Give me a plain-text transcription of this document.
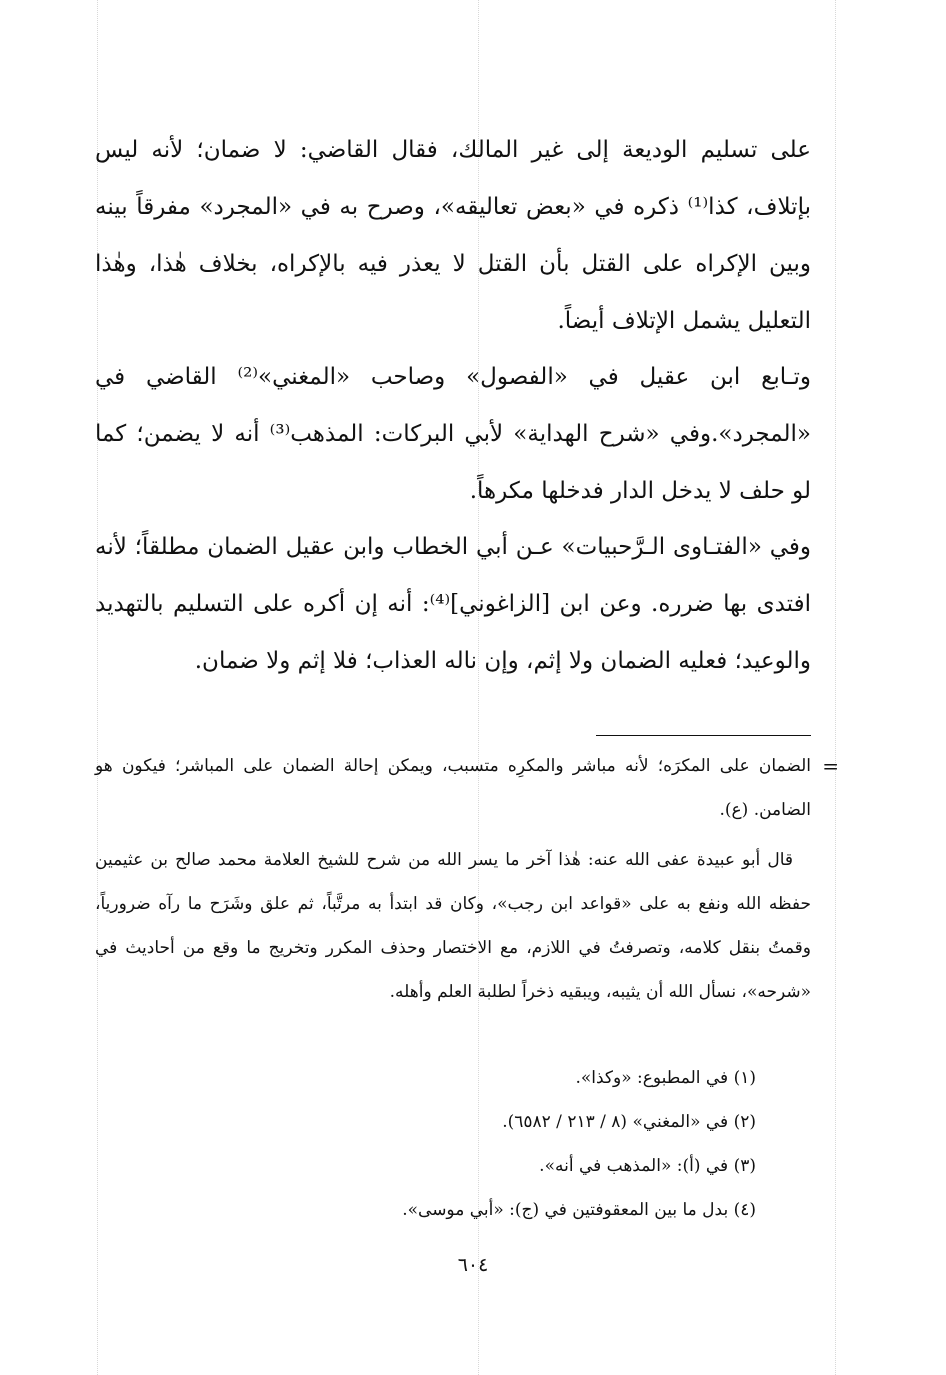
على تسليم الوديعة إلى غير المالك، فقال القاضي: لا ضمان؛ لأنه ليس بإتلاف، كذا⁽¹⁾ ذكره في «بعض تعاليقه»، وصرح به في «المجرد» مفرقاً بينه وبين الإكراه على القتل بأن القتل لا يعذر فيه بالإكراه، بخلاف هٰذا، وهٰذا التعليل يشمل الإتلاف أيضاً.

وتـابع ابن عقيل في «الفصول» وصاحب «المغني»⁽²⁾ القاضي في «المجرد».وفي «شرح الهداية» لأبي البركات: المذهب⁽³⁾ أنه لا يضمن؛ كما لو حلف لا يدخل الدار فدخلها مكرهاً.

وفي «الفتـاوى الـرَّحبيات» عـن أبي الخطاب وابن عقيل الضمان مطلقاً؛ لأنه افتدى بها ضرره. وعن ابن [الزاغوني]⁽⁴⁾: أنه إن أكره على التسليم بالتهديد والوعيد؛ فعليه الضمان ولا إثم، وإن ناله العذاب؛ فلا إثم ولا ضمان.

=
الضمان على المكرَه؛ لأنه مباشر والمكرِه متسبب، ويمكن إحالة الضمان على المباشر؛ فيكون هو الضامن. (ع).

قال أبو عبيدة عفى الله عنه: هٰذا آخر ما يسر الله من شرح للشيخ العلامة محمد صالح بن عثيمين حفظه الله ونفع به على «قواعد ابن رجب»، وكان قد ابتدأ به مرتَّباً، ثم علق وشَرَح ما رآه ضرورياً، وقمتُ بنقل كلامه، وتصرفتُ في اللازم، مع الاختصار وحذف المكرر وتخريج ما وقع من أحاديث في «شرحه»، نسأل الله أن يثيبه، ويبقيه ذخراً لطلبة العلم وأهله.

(١) في المطبوع: «وكذا».
(٢) في «المغني» (٨ / ٢١٣ / ٦٥٨٢).
(٣) في (أ): «المذهب في أنه».
(٤) بدل ما بين المعقوفتين في (ج): «أبي موسى».
٦٠٤
